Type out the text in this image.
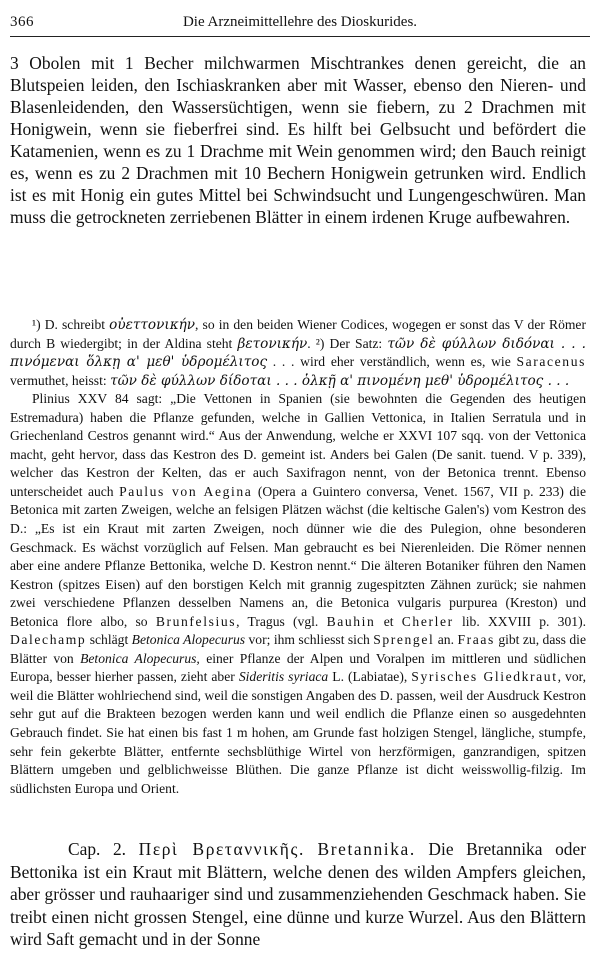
366	Die Arzneimittellehre des Dioskurides.

3 Obolen mit 1 Becher milchwarmen Mischtrankes denen gereicht, die an Blutspeien leiden, den Ischiaskranken aber mit Wasser, ebenso den Nieren- und Blasenleidenden, den Wassersüchtigen, wenn sie fiebern, zu 2 Drachmen mit Honigwein, wenn sie fieberfrei sind. Es hilft bei Gelbsucht und befördert die Katamenien, wenn es zu 1 Drachme mit Wein genommen wird; den Bauch reinigt es, wenn es zu 2 Drachmen mit 10 Bechern Honigwein getrunken wird. Endlich ist es mit Honig ein gutes Mittel bei Schwindsucht und Lungengeschwüren. Man muss die getrockneten zerriebenen Blätter in einem irdenen Kruge aufbewahren.

¹) D. schreibt οὐεττονικήν, so in den beiden Wiener Codices, wogegen er sonst das V der Römer durch B wiedergibt; in der Aldina steht βετονικήν. ²) Der Satz: τῶν δὲ φύλλων διδόναι . . . πινόμεναι ὅλκῃ α' μεθ' ὑδρομέλιτος . . . wird eher verständlich, wenn es, wie Saracenus vermuthet, heisst: τῶν δὲ φύλλων δίδοται . . . ὁλκῇ α' πινομένη μεθ' ὑδρομέλιτος . . .

Plinius XXV 84 sagt: „Die Vettonen in Spanien (sie bewohnten die Gegenden des heutigen Estremadura) haben die Pflanze gefunden, welche in Gallien Vettonica, in Italien Serratula und in Griechenland Cestros genannt wird.“ Aus der Anwendung, welche er XXVI 107 sqq. von der Vettonica macht, geht hervor, dass das Kestron des D. gemeint ist. Anders bei Galen (De sanit. tuend. V p. 339), welcher das Kestron der Kelten, das er auch Saxifragon nennt, von der Betonica trennt. Ebenso unterscheidet auch Paulus von Aegina (Opera a Guintero conversa, Venet. 1567, VII p. 233) die Betonica mit zarten Zweigen, welche an felsigen Plätzen wächst (die keltische Galen's) vom Kestron des D.: „Es ist ein Kraut mit zarten Zweigen, noch dünner wie die des Pulegion, ohne besonderen Geschmack. Es wächst vorzüglich auf Felsen. Man gebraucht es bei Nierenleiden. Die Römer nennen aber eine andere Pflanze Bettonika, welche D. Kestron nennt.“ Die älteren Botaniker führen den Namen Kestron (spitzes Eisen) auf den borstigen Kelch mit grannig zugespitzten Zähnen zurück; sie nahmen zwei verschiedene Pflanzen desselben Namens an, die Betonica vulgaris purpurea (Kreston) und Betonica flore albo, so Brunfelsius, Tragus (vgl. Bauhin et Cherler lib. XXVIII p. 301). Dalechamp schlägt Betonica Alopecurus vor; ihm schliesst sich Sprengel an. Fraas gibt zu, dass die Blätter von Betonica Alopecurus, einer Pflanze der Alpen und Voralpen im mittleren und südlichen Europa, besser hierher passen, zieht aber Sideritis syriaca L. (Labiatae), Syrisches Gliedkraut, vor, weil die Blätter wohlriechend sind, weil die sonstigen Angaben des D. passen, weil der Ausdruck Kestron sehr gut auf die Brakteen bezogen werden kann und weil endlich die Pflanze einen so ausgedehnten Gebrauch findet. Sie hat einen bis fast 1 m hohen, am Grunde fast holzigen Stengel, längliche, stumpfe, sehr fein gekerbte Blätter, entfernte sechsblüthige Wirtel von herzförmigen, ganzrandigen, spitzen Blättern umgeben und gelblichweisse Blüthen. Die ganze Pflanze ist dicht weisswollig-filzig. Im südlichsten Europa und Orient.

Cap. 2. Περὶ Βρεταννικῆς. Bretannika. Die Bretannika oder Bettonika ist ein Kraut mit Blättern, welche denen des wilden Ampfers gleichen, aber grösser und rauhaariger sind und zusammenziehenden Geschmack haben. Sie treibt einen nicht grossen Stengel, eine dünne und kurze Wurzel. Aus den Blättern wird Saft gemacht und in der Sonne
